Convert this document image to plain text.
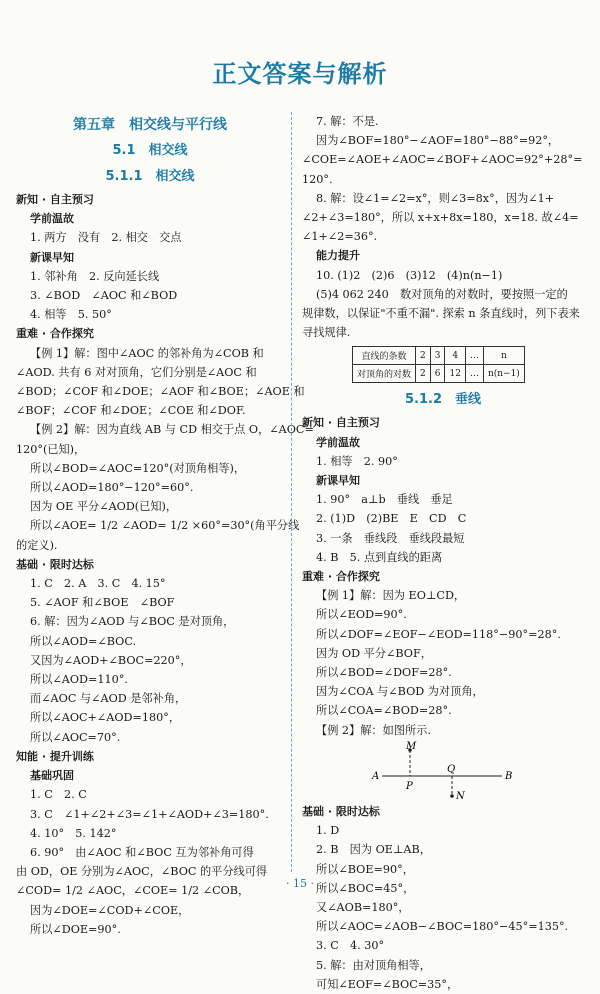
正文答案与解析
第五章　相交线与平行线
5.1　相交线
5.1.1　相交线
新知 · 自主预习
学前温故
1. 两方　没有　2. 相交　交点
新课早知
1. 邻补角　2. 反向延长线
3. ∠BOD　∠AOC 和∠BOD
4. 相等　5. 50°
重难 · 合作探究
【例 1】解：图中∠AOC 的邻补角为∠COB 和
∠AOD. 共有 6 对对顶角，它们分别是∠AOC 和
∠BOD；∠COF 和∠DOE；∠AOF 和∠BOE；∠AOE 和
∠BOF；∠COF 和∠DOE；∠COE 和∠DOF.
【例 2】解：因为直线 AB 与 CD 相交于点 O，∠AOC=
120°(已知)，
所以∠BOD=∠AOC=120°(对顶角相等)，
所以∠AOD=180°−120°=60°.
因为 OE 平分∠AOD(已知)，
所以∠AOE= 1/2 ∠AOD= 1/2 ×60°=30°(角平分线
的定义).
基础 · 限时达标
1. C　2. A　3. C　4. 15°
5. ∠AOF 和∠BOE　∠BOF
6. 解：因为∠AOD 与∠BOC 是对顶角，
所以∠AOD=∠BOC.
又因为∠AOD+∠BOC=220°，
所以∠AOD=110°.
而∠AOC 与∠AOD 是邻补角，
所以∠AOC+∠AOD=180°，
所以∠AOC=70°.
知能 · 提升训练
基础巩固
1. C　2. C
3. C　∠1+∠2+∠3=∠1+∠AOD+∠3=180°.
4. 10°　5. 142°
6. 90°　由∠AOC 和∠BOC 互为邻补角可得
由 OD，OE 分别为∠AOC，∠BOC 的平分线可得
∠COD= 1/2 ∠AOC，∠COE= 1/2 ∠COB，
因为∠DOE=∠COD+∠COE，
所以∠DOE=90°.
7. 解：不是.
因为∠BOF=180°−∠AOF=180°−88°=92°，
∠COE=∠AOE+∠AOC=∠BOF+∠AOC=92°+28°=
120°.
8. 解：设∠1=∠2=x°，则∠3=8x°，因为∠1+
∠2+∠3=180°，所以 x+x+8x=180，x=18. 故∠4=
∠1+∠2=36°.
能力提升
10. (1)2　(2)6　(3)12　(4)n(n−1)
(5)4 062 240　数对顶角的对数时，要按照一定的
规律数，以保证"不重不漏". 探索 n 条直线时，列下表来
寻找规律.
直线的条数	2	3	4	…	n
对顶角的对数	2	6	12	…	n(n−1)
5.1.2　垂线
新知 · 自主预习
学前温故
1. 相等　2. 90°
新课早知
1. 90°　a⊥b　垂线　垂足
2. (1)D　(2)BE　E　CD　C
3. 一条　垂线段　垂线段最短
4. B　5. 点到直线的距离
重难 · 合作探究
【例 1】解：因为 EO⊥CD，
所以∠EOD=90°.
所以∠DOF=∠EOF−∠EOD=118°−90°=28°.
因为 OD 平分∠BOF，
所以∠BOD=∠DOF=28°.
因为∠COA 与∠BOD 为对顶角，
所以∠COA=∠BOD=28°.
【例 2】解：如图所示.
M
A
P
Q
B
N
基础 · 限时达标
1. D
2. B　因为 OE⊥AB，
所以∠BOE=90°，
所以∠BOC=45°，
又∠AOB=180°，
所以∠AOC=∠AOB−∠BOC=180°−45°=135°.
3. C　4. 30°
5. 解：由对顶角相等，
可知∠EOF=∠BOC=35°，
· 15 ·
